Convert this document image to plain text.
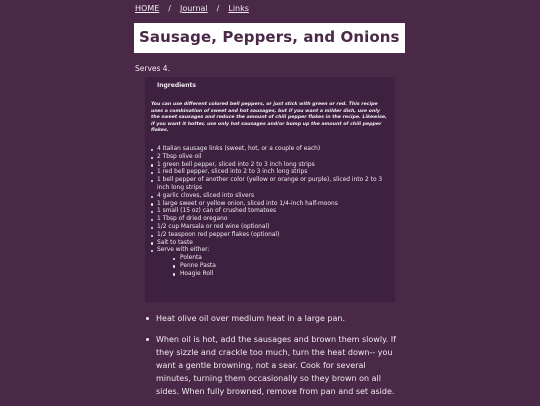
HOME / Journal / Links
Sausage, Peppers, and Onions
Serves 4.
Ingredients

You can use different colored bell peppers, or just stick with green or red. This recipe uses a combination of sweet and hot sausages, but if you want a milder dish, use only the sweet sausages and reduce the amount of chili pepper flakes in the recipe. Likewise, if you want it hotter, use only hot sausages and/or bump up the amount of chili pepper flakes.

4 Italian sausage links (sweet, hot, or a couple of each)
2 Tbsp olive oil
1 green bell pepper, sliced into 2 to 3 inch long strips
1 red bell pepper, sliced into 2 to 3 inch long strips
1 bell pepper of another color (yellow or orange or purple), sliced into 2 to 3 inch long strips
4 garlic cloves, sliced into slivers
1 large sweet or yellow onion, sliced into 1/4-inch half-moons
1 small (15 oz) can of crushed tomatoes
1 Tbsp of dried oregano
1/2 cup Marsala or red wine (optional)
1/2 teaspoon red pepper flakes (optional)
Salt to taste
Serve with either:
Polenta
Penne Pasta
Hoagie Roll
Heat olive oil over medium heat in a large pan.
When oil is hot, add the sausages and brown them slowly. If they sizzle and crackle too much, turn the heat down-- you want a gentle browning, not a sear. Cook for several minutes, turning them occasionally so they brown on all sides. When fully browned, remove from pan and set aside.
